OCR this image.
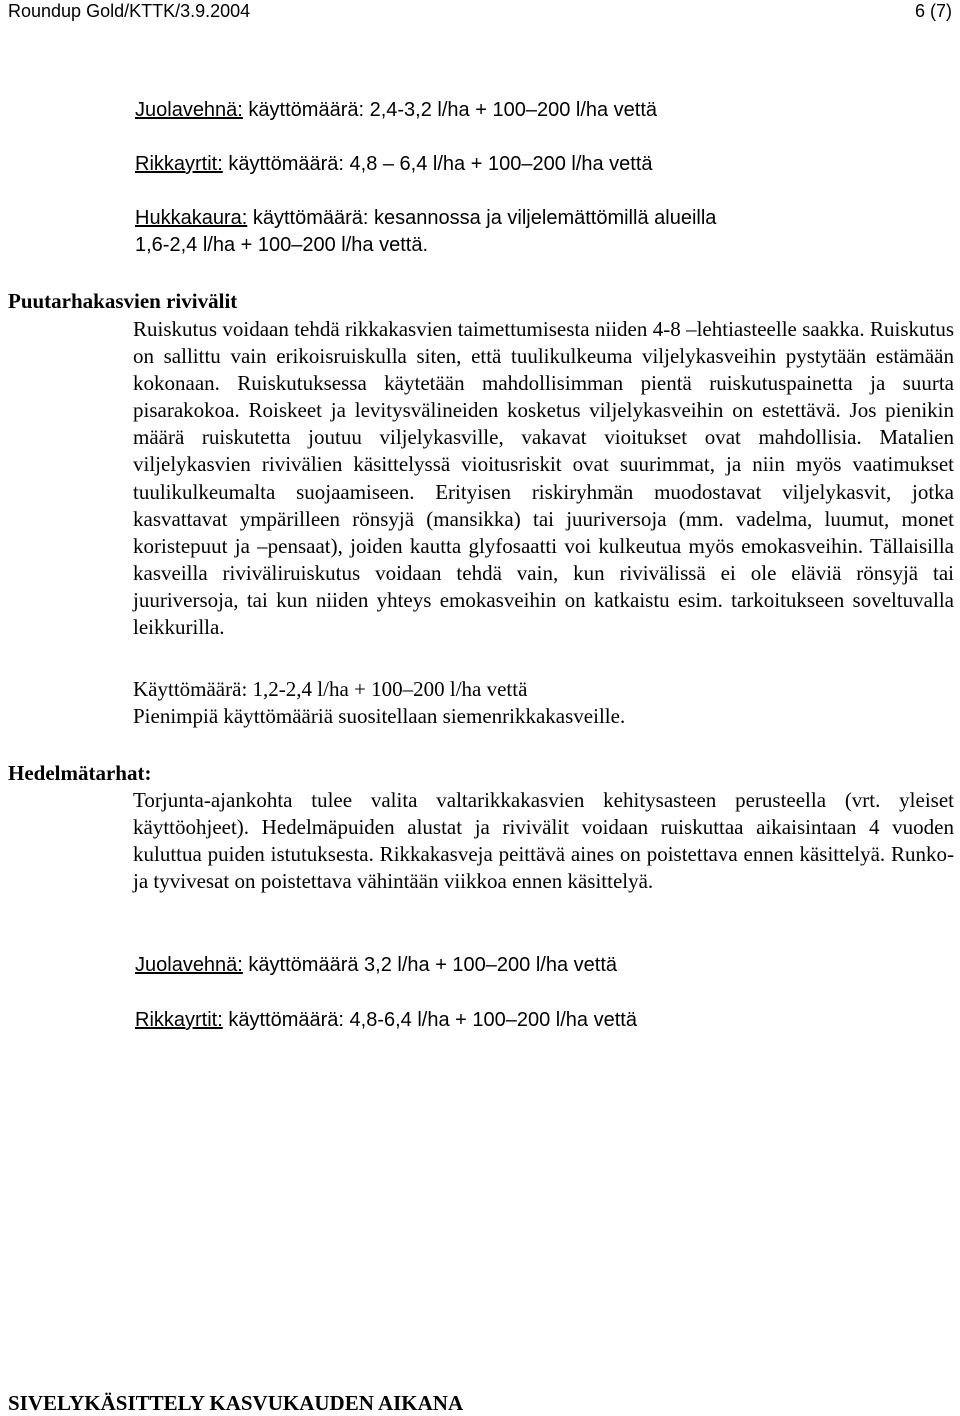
Roundup Gold/KTTK/3.9.2004	6 (7)
Juolavehnä: käyttömäärä: 2,4-3,2 l/ha + 100–200 l/ha vettä
Rikkayrtit: käyttömäärä: 4,8 – 6,4 l/ha + 100–200 l/ha vettä
Hukkakaura: käyttömäärä: kesannossa ja viljelemättömillä alueilla
1,6-2,4 l/ha + 100–200 l/ha vettä.
Puutarhakasvien rivivälit

Ruiskutus voidaan tehdä rikkakasvien taimettumisesta niiden 4-8 –lehtiasteelle saakka. Ruiskutus on sallittu vain erikoisruiskulla siten, että tuulikulkeuma viljelykasveihin pystytään estämään kokonaan. Ruiskutuksessa käytetään mahdollisimman pientä ruiskutuspainetta ja suurta pisarakokoa. Roiskeet ja levitysvälineiden kosketus viljelykasveihin on estettävä. Jos pienikin määrä ruiskutetta joutuu viljelykasville, vakavat vioitukset ovat mahdollisia. Matalien viljelykasvien rivivälien käsittelyssä vioitusriskit ovat suurimmat, ja niin myös vaatimukset tuulikulkeumalta suojaamiseen. Erityisen riskiryhmän muodostavat viljelykasvit, jotka kasvattavat ympärilleen rönsyjä (mansikka) tai juuriversoja (mm. vadelma, luumut, monet koristepuut ja –pensaat), joiden kautta glyfosaatti voi kulkeutua myös emokasveihin. Tällaisilla kasveilla riviväliruiskutus voidaan tehdä vain, kun rivivälissä ei ole eläviä rönsyjä tai juuriversoja, tai kun niiden yhteys emokasveihin on katkaistu esim. tarkoitukseen soveltuvalla leikkurilla.

Käyttömäärä: 1,2-2,4 l/ha + 100–200 l/ha vettä
Pienimpiä käyttömääriä suositellaan siemenrikkakasveille.
Hedelmätarhat:

Torjunta-ajankohta tulee valita valtarikkakasvien kehitysasteen perusteella (vrt. yleiset käyttöohjeet). Hedelmäpuiden alustat ja rivivälit voidaan ruiskuttaa aikaisintaan 4 vuoden kuluttua puiden istutuksesta. Rikkakasveja peittävä aines on poistettava ennen käsittelyä. Runko- ja tyvivesat on poistettava vähintään viikkoa ennen käsittelyä.

Juolavehnä: käyttömäärä 3,2 l/ha + 100–200 l/ha vettä
Rikkayrtit: käyttömäärä: 4,8-6,4 l/ha + 100–200 l/ha vettä
SIVELYKÄSITTELY KASVUKAUDEN AIKANA
